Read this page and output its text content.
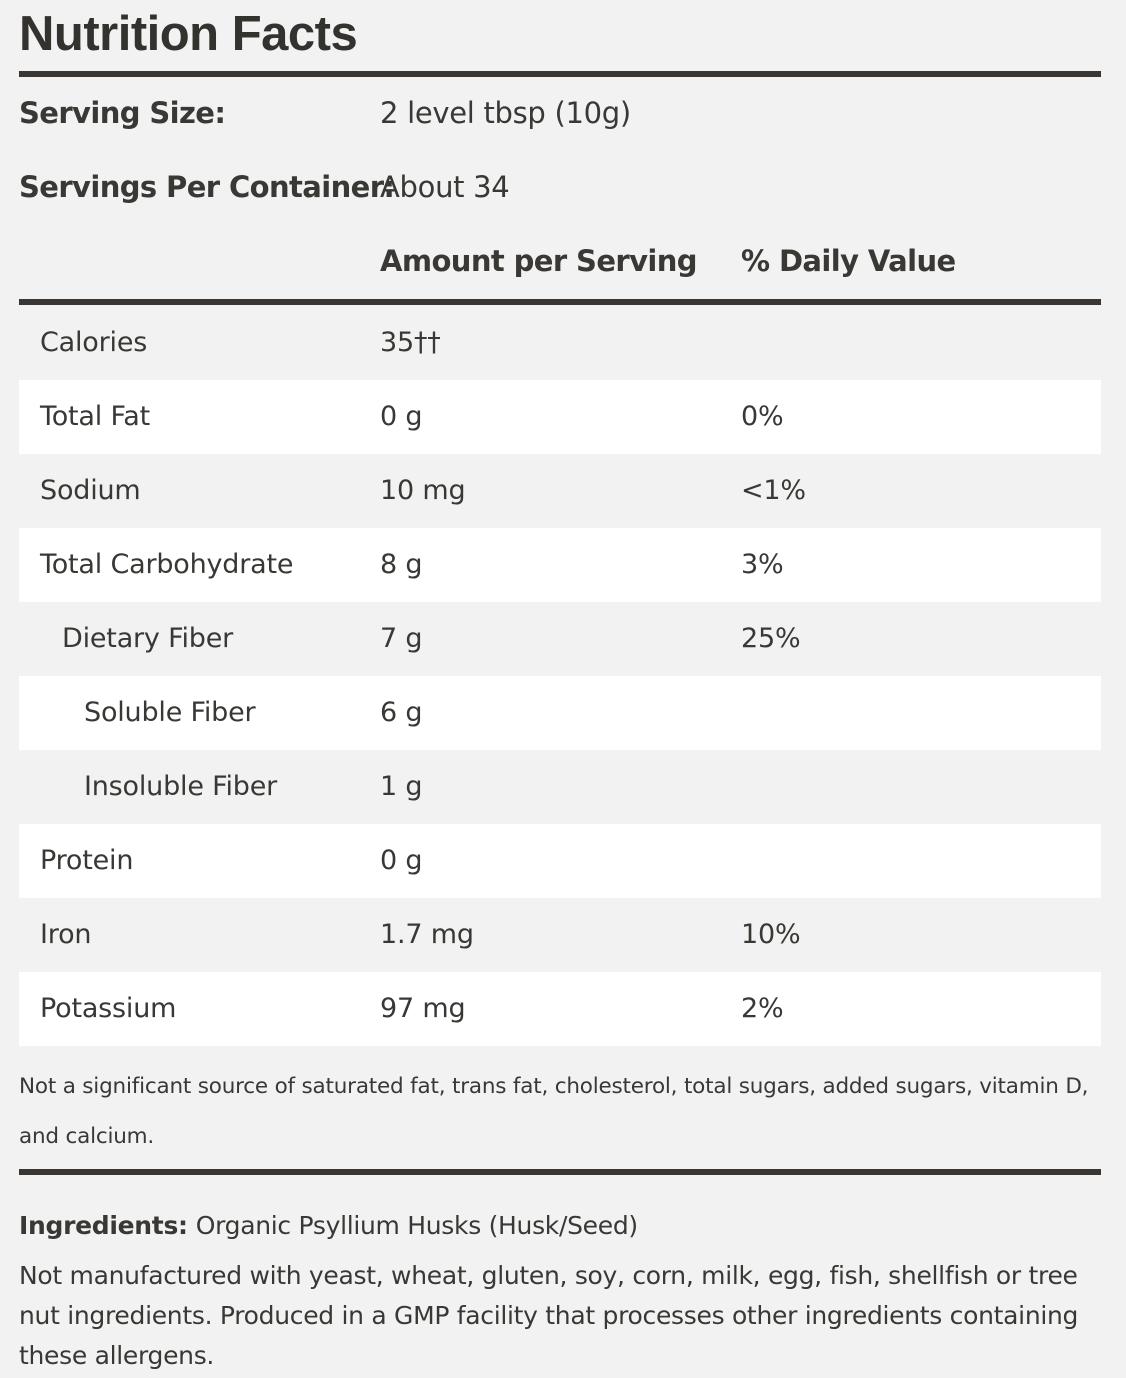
Nutrition Facts
Serving Size:	2 level tbsp (10g)
Servings Per Container:
About 34
Amount per Serving % Daily Value
Calories	35††
Total Fat	0 g	0%
Sodium	10 mg	<1%
Total Carbohydrate	8 g	3%
Dietary Fiber	7 g	25%
Soluble Fiber	6 g
Insoluble Fiber	1 g
Protein	0 g
Iron	1.7 mg	10%
Potassium	97 mg	2%
Not a significant source of saturated fat, trans fat, cholesterol, total sugars, added sugars, vitamin D, and calcium.
Ingredients: Organic Psyllium Husks (Husk/Seed)
Not manufactured with yeast, wheat, gluten, soy, corn, milk, egg, fish, shellfish or tree nut ingredients. Produced in a GMP facility that processes other ingredients containing these allergens.
